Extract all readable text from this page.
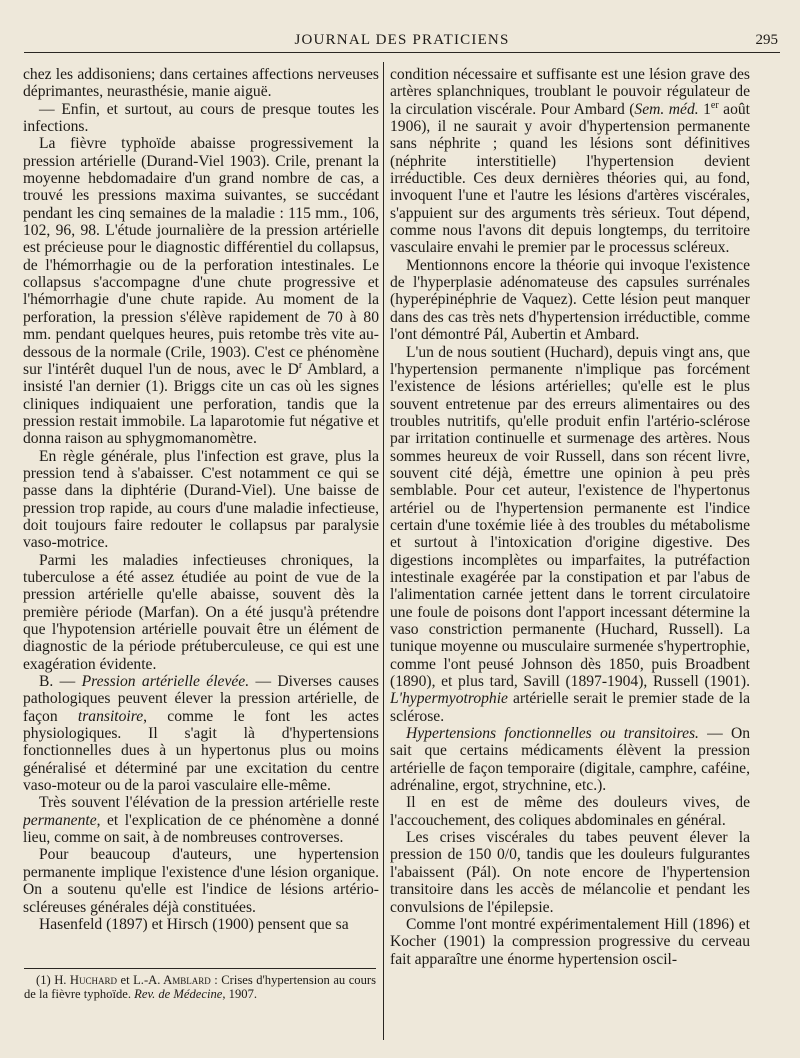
JOURNAL DES PRATICIENS	295

chez les addisoniens; dans certaines affections nerveuses déprimantes, neurasthésie, manie aiguë.

— Enfin, et surtout, au cours de presque toutes les infections.

La fièvre typhoïde abaisse progressivement la pression artérielle (Durand-Viel 1903). Crile, prenant la moyenne hebdomadaire d'un grand nombre de cas, a trouvé les pressions maxima suivantes, se succédant pendant les cinq semaines de la maladie : 115 mm., 106, 102, 96, 98. L'étude journalière de la pression artérielle est précieuse pour le diagnostic différentiel du collapsus, de l'hémorrhagie ou de la perforation intestinales. Le collapsus s'accompagne d'une chute progressive et l'hémorrhagie d'une chute rapide. Au moment de la perforation, la pression s'élève rapidement de 70 à 80 mm. pendant quelques heures, puis retombe très vite au-dessous de la normale (Crile, 1903). C'est ce phénomène sur l'intérêt duquel l'un de nous, avec le $D^r$ Amblard, a insisté l'an dernier (1). Briggs cite un cas où les signes cliniques indiquaient une perforation, tandis que la pression restait immobile. La laparotomie fut négative et donna raison au sphygmomanomètre.

En règle générale, plus l'infection est grave, plus la pression tend à s'abaisser. C'est notamment ce qui se passe dans la diphtérie (Durand-Viel). Une baisse de pression trop rapide, au cours d'une maladie infectieuse, doit toujours faire redouter le collapsus par paralysie vaso-motrice.

Parmi les maladies infectieuses chroniques, la tuberculose a été assez étudiée au point de vue de la pression artérielle qu'elle abaisse, souvent dès la première période (Marfan). On a été jusqu'à prétendre que l'hypotension artérielle pouvait être un élément de diagnostic de la période prétuberculeuse, ce qui est une exagération évidente.

B. — Pression artérielle élevée. — Diverses causes pathologiques peuvent élever la pression artérielle, de façon transitoire, comme le font les actes physiologiques. Il s'agit là d'hypertensions fonctionnelles dues à un hypertonus plus ou moins généralisé et déterminé par une excitation du centre vaso-moteur ou de la paroi vasculaire elle-même.

Très souvent l'élévation de la pression artérielle reste permanente, et l'explication de ce phénomène a donné lieu, comme on sait, à de nombreuses controverses.

Pour beaucoup d'auteurs, une hypertension permanente implique l'existence d'une lésion organique. On a soutenu qu'elle est l'indice de lésions artério-scléreuses générales déjà constituées.

Hasenfeld (1897) et Hirsch (1900) pensent que sa

(1) H. Huchard et L.-A. Amblard : Crises d'hypertension au cours de la fièvre typhoïde. Rev. de Médecine, 1907.

condition nécessaire et suffisante est une lésion grave des artères splanchniques, troublant le pouvoir régulateur de la circulation viscérale. Pour Ambard (Sem. méd. 1er août 1906), il ne saurait y avoir d'hypertension permanente sans néphrite ; quand les lésions sont définitives (néphrite interstitielle) l'hypertension devient irréductible. Ces deux dernières théories qui, au fond, invoquent l'une et l'autre les lésions d'artères viscérales, s'appuient sur des arguments très sérieux. Tout dépend, comme nous l'avons dit depuis longtemps, du territoire vasculaire envahi le premier par le processus scléreux.

Mentionnons encore la théorie qui invoque l'existence de l'hyperplasie adénomateuse des capsules surrénales (hyperépinéphrie de Vaquez). Cette lésion peut manquer dans des cas très nets d'hypertension irréductible, comme l'ont démontré Pál, Aubertin et Ambard.

L'un de nous soutient (Huchard), depuis vingt ans, que l'hypertension permanente n'implique pas forcément l'existence de lésions artérielles; qu'elle est le plus souvent entretenue par des erreurs alimentaires ou des troubles nutritifs, qu'elle produit enfin l'artério-sclérose par irritation continuelle et surmenage des artères. Nous sommes heureux de voir Russell, dans son récent livre, souvent cité déjà, émettre une opinion à peu près semblable. Pour cet auteur, l'existence de l'hypertonus artériel ou de l'hypertension permanente est l'indice certain d'une toxémie liée à des troubles du métabolisme et surtout à l'intoxication d'origine digestive. Des digestions incomplètes ou imparfaites, la putréfaction intestinale exagérée par la constipation et par l'abus de l'alimentation carnée jettent dans le torrent circulatoire une foule de poisons dont l'apport incessant détermine la vaso constriction permanente (Huchard, Russell). La tunique moyenne ou musculaire surmenée s'hypertrophie, comme l'ont peusé Johnson dès 1850, puis Broadbent (1890), et plus tard, Savill (1897-1904), Russell (1901). L'hypermyotrophie artérielle serait le premier stade de la sclérose.

Hypertensions fonctionnelles ou transitoires. — On sait que certains médicaments élèvent la pression artérielle de façon temporaire (digitale, camphre, caféine, adrénaline, ergot, strychnine, etc.).

Il en est de même des douleurs vives, de l'accouchement, des coliques abdominales en général.

Les crises viscérales du tabes peuvent élever la pression de 150 0/0, tandis que les douleurs fulgurantes l'abaissent (Pál). On note encore de l'hypertension transitoire dans les accès de mélancolie et pendant les convulsions de l'épilepsie.

Comme l'ont montré expérimentalement Hill (1896) et Kocher (1901) la compression progressive du cerveau fait apparaître une énorme hypertension oscil-
